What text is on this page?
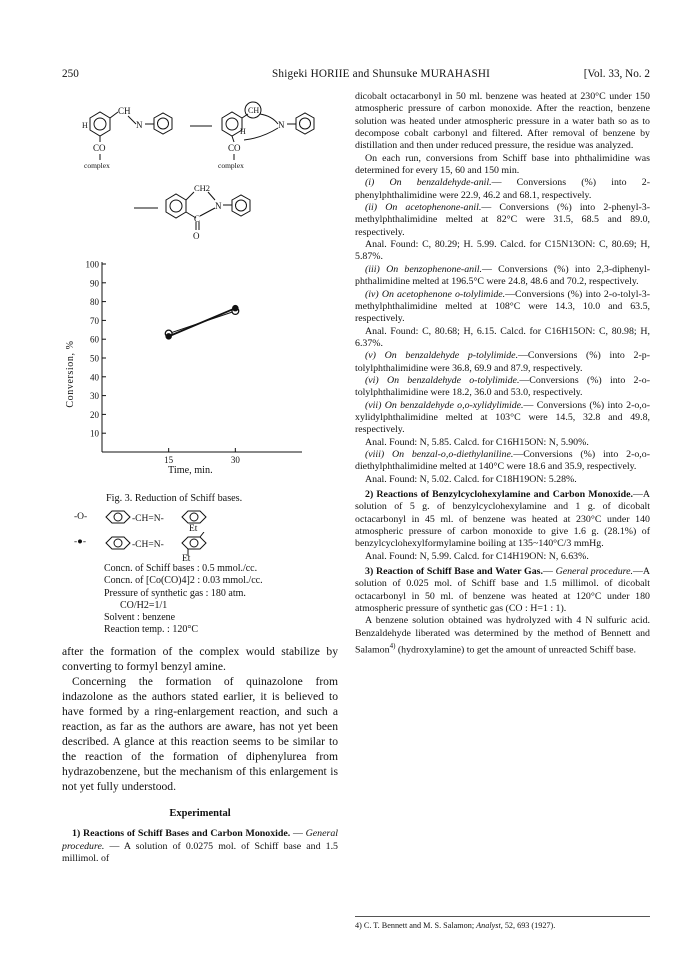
250	Shigeki HORIIE and Shunsuke MURAHASHI	[Vol. 33, No. 2
CH
N
H
CO
complex
CH
N
H
CO
complex
CH2
N
C
O
10
20
30
40
50
60
70
80
90
100
15	30
Conversion, %
Time, min.
Fig. 3. Reduction of Schiff bases.
-O-	-CH=N-
Et
-●-	-CH=N-
Et
Concn. of Schiff bases : 0.5 mmol./cc.
Concn. of [Co(CO)4]2 : 0.03 mmol./cc.
Pressure of synthetic gas : 180 atm.
CO/H2=1/1
Solvent : benzene
Reaction temp. : 120°C

after the formation of the complex would stabilize by converting to formyl benzyl amine.

Concerning the formation of quinazolone from indazolone as the authors stated earlier, it is believed to have formed by a ring-enlargement reaction, and such a reaction, as far as the authors are aware, has not yet been described. A glance at this reaction seems to be similar to the reaction of the formation of diphenylurea from hydrazobenzene, but the mechanism of this enlargement is not yet fully understood.

Experimental

1) Reactions of Schiff Bases and Carbon Monoxide. — General procedure. — A solution of 0.0275 mol. of Schiff base and 1.5 millimol. of

dicobalt octacarbonyl in 50 ml. benzene was heated at 230°C under 150 atmospheric pressure of carbon monoxide. After the reaction, benzene solution was heated under atmospheric pressure in a water bath so as to decompose cobalt carbonyl and filtered. After removal of benzene by distillation and then under reduced pressure, the residue was analyzed.

On each run, conversions from Schiff base into phthalimidine was determined for every 15, 60 and 150 min.

(i) On benzaldehyde-anil.— Conversions (%) into 2-phenylphthalimidine were 22.9, 46.2 and 68.1, respectively.

(ii) On acetophenone-anil.— Conversions (%) into 2-phenyl-3-methylphthalimidine melted at 82°C were 31.5, 68.5 and 89.0, respectively.

Anal. Found: C, 80.29; H. 5.99. Calcd. for C15N13ON: C, 80.69; H, 5.87%.

(iii) On benzophenone-anil.— Conversions (%) into 2,3-diphenyl-phthalimidine melted at 196.5°C were 24.8, 48.6 and 70.2, respectively.

(iv) On acetophenone o-tolylimide.—Conversions (%) into 2-o-tolyl-3-methylphthalimidine melted at 108°C were 14.3, 10.0 and 63.5, respectively.

Anal. Found: C, 80.68; H, 6.15. Calcd. for C16H15ON: C, 80.98; H, 6.37%.

(v) On benzaldehyde p-tolylimide.—Conversions (%) into 2-p-tolylphthalimidine were 36.8, 69.9 and 87.9, respectively.

(vi) On benzaldehyde o-tolylimide.—Conversions (%) into 2-o-tolylphthalimidine were 18.2, 36.0 and 53.0, respectively.

(vii) On benzaldehyde o,o-xylidylimide.— Conversions (%) into 2-o,o-xylidylphthalimidine melted at 103°C were 14.5, 32.8 and 49.8, respectively.

Anal. Found: N, 5.85. Calcd. for C16H15ON: N, 5.90%.

(viii) On benzal-o,o-diethylaniline.—Conversions (%) into 2-o,o-diethylphthalimidine melted at 140°C were 18.6 and 35.9, respectively.

Anal. Found: N, 5.02. Calcd. for C18H19ON: 5.28%.

2) Reactions of Benzylcyclohexylamine and Carbon Monoxide.—A solution of 5 g. of benzylcyclohexylamine and 1 g. of dicobalt octacarbonyl in 45 ml. of benzene was heated at 230°C under 140 atmospheric pressure of carbon monoxide to give 1.6 g. (28.1%) of benzylcyclohexylformylamine boiling at 135~140°C/3 mmHg.

Anal. Found: N, 5.99. Calcd. for C14H19ON: N, 6.63%.

3) Reaction of Schiff Base and Water Gas.— General procedure.—A solution of 0.025 mol. of Schiff base and 1.5 millimol. of dicobalt octacarbonyl in 50 ml. of benzene was heated at 120°C under 180 atmospheric pressure of synthetic gas (CO : H=1 : 1).

A benzene solution obtained was hydrolyzed with 4 N sulfuric acid. Benzaldehyde liberated was determined by the method of Bennett and Salamon$^{4)}$ (hydroxylamine) to get the amount of unreacted Schiff base.

4) C. T. Bennett and M. S. Salamon; Analyst, 52, 693 (1927).
